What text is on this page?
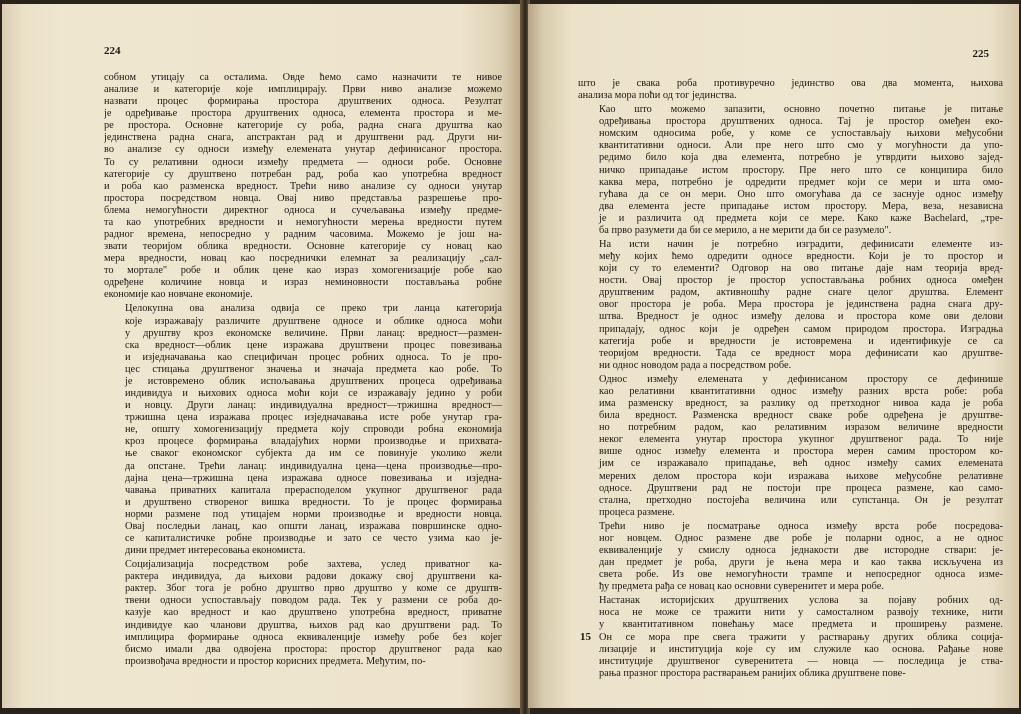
224

собном утицају са осталима. Овде ћемо само назначити те нивое
анализе и категорије које имплицирају. Први ниво анализе можемо
назвати процес формирања простора друштвених односа. Резултат
је одређивање простора друштвених односа, елемента простора и ме-
ре простора. Основне категорије су роба, радна снага друштва као
јединствена радна снага, апстрактан рад и друштвени рад. Други ни-
во анализе су односи између елемената унутар дефинисаног простора.
То су релативни односи између предмета — односи робе. Основне
категорије су друштвено потребан рад, роба као употребна вредност
и роба као разменска вредност. Трећи ниво анализе су односи унутар
простора посредством новца. Овај ниво представља разрешење про-
блема немогућности директног односа и сучељавања између предме-
та као употребних вредности и немогућности мерења вредности путем
радног времена, непосредно у радним часовима. Можемо је још на-
звати теоријом облика вредности. Основне категорије су новац као
мера вредности, новац као посреднички елемнат за реализацију „сал-
то мортале" робе и облик цене као израз хомогенизације робе као
одређене количине новца и израз неминовности постављања робне
економије као новчане економије.

Целокупна ова анализа одвија се преко три ланца категорија
које изражавају различите друштвене односе и облике односа моћи
у друштву кроз економске величине. Први ланац: вредност—размен-
ска вредност—облик цене изражава друштвени процес повезивања
и изједначавања као специфичан процес робних односа. То је про-
цес стицања друштвеног значења и значаја предмета као робе. То
је истовремено облик испољавања друштвених процеса одређивања
индивидуа и њихових односа моћи који се изражавају једино у роби
и новцу. Други ланац: индивидуална вредност—тржишна вредност—
тржишна цена изражава процес изједначавања исте робе унутар гра-
не, општу хомогенизацију предмета коју спроводи робна економија
кроз процесе формирања владајућих норми производње и прихвата-
ње сваког економског субјекта да им се повинује уколико жели
да опстане. Трећи ланац: индивидуална цена—цена производње—про-
дајна цена—тржишна цена изражава односе повезивања и изједна-
чавања приватних капитала прерасподелом укупног друштвеног рада
и друштвено створеног вишка вредности. То је процес формирања
норми размене под утицајем норми производње и вредности новца.
Овај последњи ланац, као општи ланац, изражава површинске одно-
се капиталистичке робне производње и зато се често узима као је-
дини предмет интересовања економиста.

Социјализација посредством робе захтева, услед приватног ка-
рактера индивидуа, да њихови радови докажу свој друштвени ка-
рактер. Због тога је робно друштво прво друштво у коме се друштв-
твени односи успостављају поводом рада. Тек у размени се роба до-
казује као вредност и као друштвено употребна вредност, приватне
индивидуе као чланови друштва, њихов рад као друштвени рад. То
имплицира формирање односа еквиваленције између робе без којег
бисмо имали два одвојена простора: простор друштвеног рада као
произвођача вредности и простор корисних предмета. Међутим, по-

225

што је свака роба противуречно јединство ова два момента, њихова
анализа мора поћи од тог јединства.

Као што можемо запазити, основно почетно питање је питање
одређивања простора друштвених односа. Тај је простор омеђен еко-
номским односима робе, у коме се успостављају њихови међусобни
квантитативни односи. Али пре него што смо у могућности да упо-
редимо било која два елемента, потребно је утврдити њихово заjед-
ничко припадање истом простору. Пре него што се конципира било
каква мера, потребно је одредити предмет који се мери и шта омо-
гућава да се он мери. Оно што омогућава да се заснује однос између
два елемента јесте припадање истом простору. Мера, веза, независна
је и различита од предмета који се мере. Како каже Bachelard, „тре-
ба прво разумети да би се мерило, а не мерити да би се разумело".

На исти начин је потребно изградити, дефинисати елементе из-
међу којих ћемо одредити односе вредности. Који је то простор и
који су то елементи? Одговор на ово питање даје нам теорија вред-
ности. Овај простор је простор успостављања робних односа омеђен
друштвеним радом, активношћу радне снаге целог друштва. Елемент
овог простора је роба. Мера простора је јединствена радна снага дру-
штва. Вредност је однос између делова и простора коме ови делови
припадају, однос који је одређен самом природом простора. Изградња
категија робе и вредности је истовремена и идентификује се са
теоријом вредности. Тада се вредност мора дефинисати као друштве-
ни однос новодом рада а посредством робе.

Однос између елемената у дефинисаном простору се дефинише
као релативни квантитативни однос између разних врста робе: роба
има разменску вредност, за разлику од претходног нивоа када је роба
била вредност. Разменска вредност сваке робе одређена је друштве-
но потребним радом, као релативним изразом величине вредности
неког елемента унутар простора укупног друштвеног рада. То није
више однос између елемента и простора мерен самим простором ко-
јим се изражавало припадање, већ однос између самих елемената
мерених делом простора који изражава њихове међусобне релативне
односе. Друштвени рад не постоји пре процеса размене, као само-
стална, претходно постојећа величина или супстанца. Он је резултат
процеса размене.

Трећи ниво је посматрање односа између врста робе посредова-
ног новцем. Однос размене две робе је поларни однос, а не однос
еквиваленције у смислу односа једнакости две истородне ствари: је-
дан предмет је роба, други је њена мера и као таква искључена из
света робе. Из ове немогућности трампе и непосредног односа изме-
ђу предмета рађа се новац као основни суверенитет и мера робе.

Настанак историјских друштвених услова за појаву робних од-
носа не може се тражити нити у самосталном развоју технике, нити
у квантитативном повећању масе предмета и проширењу размене.
Он се мора пре свега тражити у растварању других облика соција-
лизације и институција које су им служиле као основа. Рађање нове
институције друштвеног суверенитета — новца — последица је ства-
рања празног простора растварањем ранијих облика друштвене пове-

15
